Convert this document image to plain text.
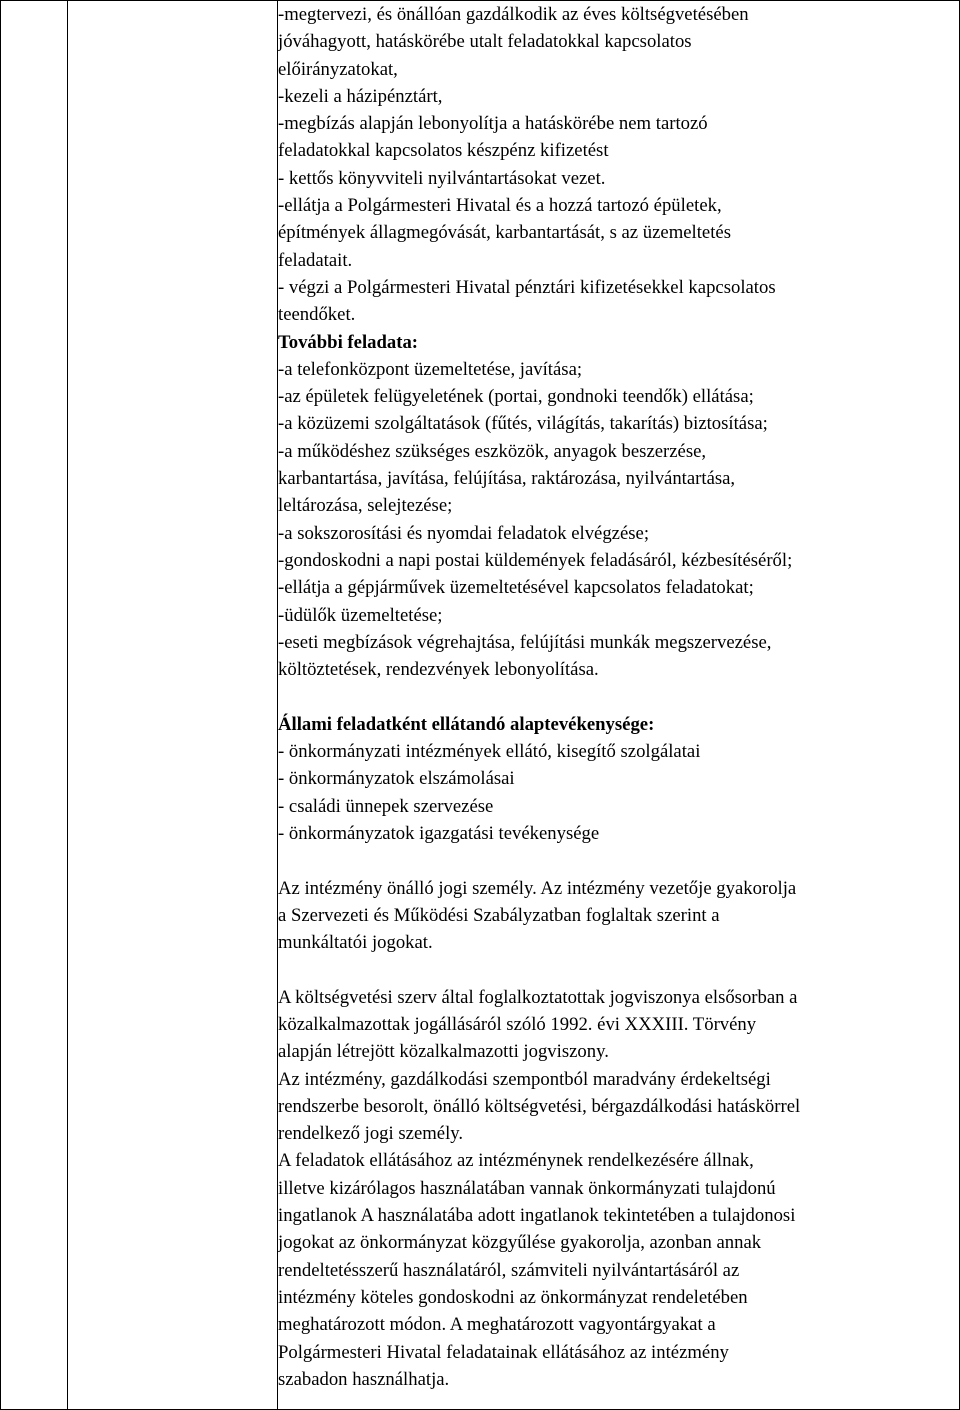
-megtervezi, és önállóan gazdálkodik az éves költségvetésében
jóváhagyott, hatáskörébe utalt feladatokkal kapcsolatos
előirányzatokat,
-kezeli a házipénztárt,
-megbízás alapján lebonyolítja a hatáskörébe nem tartozó
feladatokkal kapcsolatos készpénz kifizetést
- kettős könyvviteli nyilvántartásokat vezet.
-ellátja a Polgármesteri Hivatal és a hozzá tartozó épületek,
építmények állagmegóvását, karbantartását, s az üzemeltetés
feladatait.
- végzi a Polgármesteri Hivatal pénztári kifizetésekkel kapcsolatos
teendőket.
További feladata:
-a telefonközpont üzemeltetése, javítása;
-az épületek felügyeletének (portai, gondnoki teendők) ellátása;
-a közüzemi szolgáltatások (fűtés, világítás, takarítás) biztosítása;
-a működéshez szükséges eszközök, anyagok beszerzése,
karbantartása, javítása, felújítása, raktározása, nyilvántartása,
leltározása, selejtezése;
-a sokszorosítási és nyomdai feladatok elvégzése;
-gondoskodni a napi postai küldemények feladásáról, kézbesítéséről;
-ellátja a gépjárművek üzemeltetésével kapcsolatos feladatokat;
-üdülők üzemeltetése;
-eseti megbízások végrehajtása, felújítási munkák megszervezése,
költöztetések, rendezvények lebonyolítása.
Állami feladatként ellátandó alaptevékenysége:
- önkormányzati intézmények ellátó, kisegítő szolgálatai
- önkormányzatok elszámolásai
- családi ünnepek szervezése
- önkormányzatok igazgatási tevékenysége
Az intézmény önálló jogi személy. Az intézmény vezetője gyakorolja
a Szervezeti és Működési Szabályzatban foglaltak szerint a
munkáltatói jogokat.
A költségvetési szerv által foglalkoztatottak jogviszonya elsősorban a
közalkalmazottak jogállásáról szóló 1992. évi XXXIII. Törvény
alapján létrejött közalkalmazotti jogviszony.
Az intézmény, gazdálkodási szempontból maradvány érdekeltségi
rendszerbe besorolt, önálló költségvetési, bérgazdálkodási hatáskörrel
rendelkező jogi személy.
A feladatok ellátásához az intézménynek rendelkezésére állnak,
illetve kizárólagos használatában vannak önkormányzati tulajdonú
ingatlanok A használatába adott ingatlanok tekintetében a tulajdonosi
jogokat az önkormányzat közgyűlése gyakorolja, azonban annak
rendeltetésszerű használatáról, számviteli nyilvántartásáról az
intézmény köteles gondoskodni az önkormányzat rendeletében
meghatározott módon. A meghatározott vagyontárgyakat a
Polgármesteri Hivatal feladatainak ellátásához az intézmény
szabadon használhatja.
